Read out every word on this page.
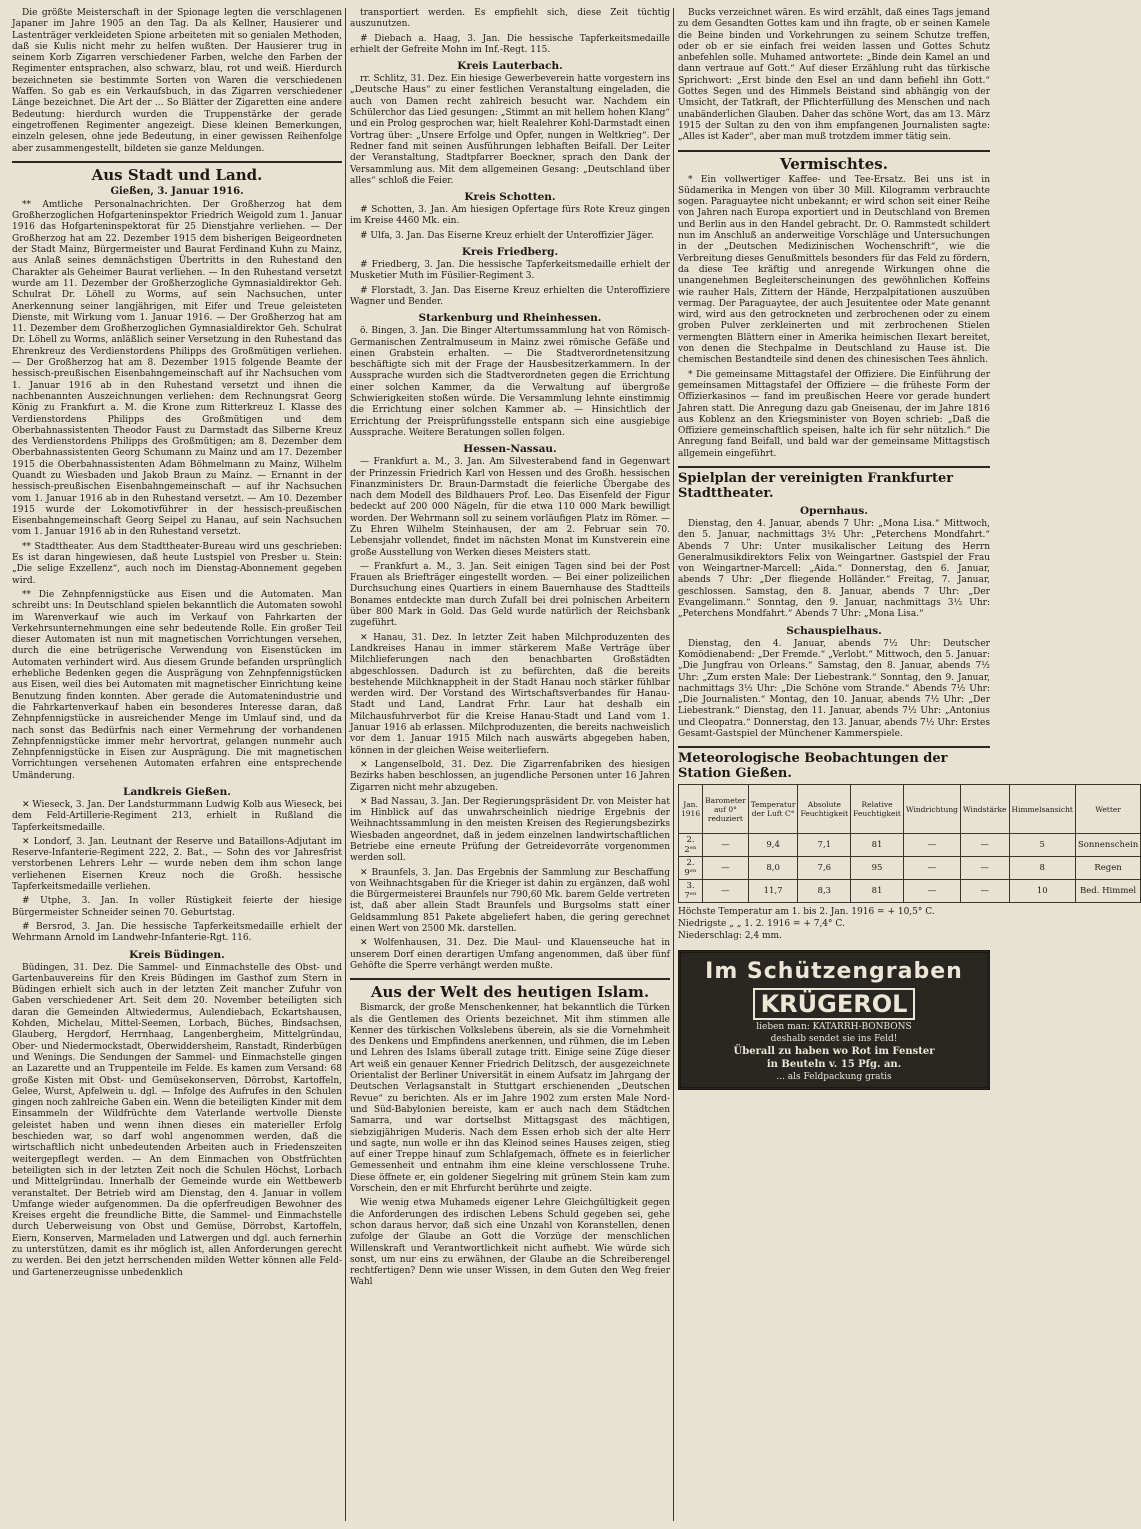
Die größte Meisterschaft in der Spionage legten die verschlagenen Japaner im Jahre 1905 an den Tag. Da als Kellner, Hausierer und Lastenträger verkleideten Spione arbeiteten mit so genialen Methoden, daß sie Kulis nicht mehr zu helfen wußten. Der Hausierer trug in seinem Korb Zigarren verschiedener Farben, welche den Farben der Regimenter entsprachen, also schwarz, blau, rot und weiß. Hierdurch bezeichneten sie bestimmte Sorten von Waren die verschiedenen Waffen. So gab es ein Verkaufsbuch, in das Zigarren verschiedener Länge bezeichnet. Die Art der ... So Blätter der Zigaretten eine andere Bedeutung: hierdurch wurden die Truppenstärke der gerade eingetroffenen Regimenter angezeigt. Diese kleinen Bemerkungen, einzeln gelesen, ohne jede Bedeutung, in einer gewissen Reihenfolge aber zusammengestellt, bildeten sie ganze Meldungen.

Aus Stadt und Land.
Gießen, 3. Januar 1916.

** Amtliche Personalnachrichten. Der Großherzog hat dem Großherzoglichen Hofgarteninspektor Friedrich Weigold zum 1. Januar 1916 das Hofgarteninspektorat für 25 Dienstjahre verliehen. — Der Großherzog hat am 22. Dezember 1915 dem bisherigen Beigeordneten der Stadt Mainz, Bürgermeister und Baurat Ferdinand Kuhn zu Mainz, aus Anlaß seines demnächstigen Übertritts in den Ruhestand den Charakter als Geheimer Baurat verliehen. — In den Ruhestand versetzt wurde am 11. Dezember der Großherzogliche Gymnasialdirektor Geh. Schulrat Dr. Löhell zu Worms, auf sein Nachsuchen, unter Anerkennung seiner langjährigen, mit Eifer und Treue geleisteten Dienste, mit Wirkung vom 1. Januar 1916. — Der Großherzog hat am 11. Dezember dem Großherzoglichen Gymnasialdirektor Geh. Schulrat Dr. Löhell zu Worms, anläßlich seiner Versetzung in den Ruhestand das Ehrenkreuz des Verdienstordens Philipps des Großmütigen verliehen. — Der Großherzog hat am 8. Dezember 1915 folgende Beamte der hessisch-preußischen Eisenbahngemeinschaft auf ihr Nachsuchen vom 1. Januar 1916 ab in den Ruhestand versetzt und ihnen die nachbenannten Auszeichnungen verliehen: dem Rechnungsrat Georg König zu Frankfurt a. M. die Krone zum Ritterkreuz I. Klasse des Verdienstordens Philipps des Großmütigen und dem Oberbahnassistenten Theodor Faust zu Darmstadt das Silberne Kreuz des Verdienstordens Philipps des Großmütigen; am 8. Dezember dem Oberbahnassistenten Georg Schumann zu Mainz und am 17. Dezember 1915 die Oberbahnassistenten Adam Böhmelmann zu Mainz, Wilhelm Quandt zu Wiesbaden und Jakob Braun zu Mainz. — Ernannt in der hessisch-preußischen Eisenbahngemeinschaft — auf ihr Nachsuchen vom 1. Januar 1916 ab in den Ruhestand versetzt. — Am 10. Dezember 1915 wurde der Lokomotivführer in der hessisch-preußischen Eisenbahngemeinschaft Georg Seipel zu Hanau, auf sein Nachsuchen vom 1. Januar 1916 ab in den Ruhestand versetzt.

** Stadttheater. Aus dem Stadttheater-Bureau wird uns geschrieben: Es ist daran hingewiesen, daß heute Lustspiel von Presber u. Stein: „Die selige Exzellenz“, auch noch im Dienstag-Abonnement gegeben wird.

** Die Zehnpfennigstücke aus Eisen und die Automaten. Man schreibt uns: In Deutschland spielen bekanntlich die Automaten sowohl im Warenverkauf wie auch im Verkauf von Fahrkarten der Verkehrsunternehmungen eine sehr bedeutende Rolle. Ein großer Teil dieser Automaten ist nun mit magnetischen Vorrichtungen versehen, durch die eine betrügerische Verwendung von Eisenstücken im Automaten verhindert wird. Aus diesem Grunde befanden ursprünglich erhebliche Bedenken gegen die Ausprägung von Zehnpfennigstücken aus Eisen, weil dies bei Automaten mit magnetischer Einrichtung keine Benutzung finden konnten. Aber gerade die Automatenindustrie und die Fahrkartenverkauf haben ein besonderes Interesse daran, daß Zehnpfennigstücke in ausreichender Menge im Umlauf sind, und da nach sonst das Bedürfnis nach einer Vermehrung der vorhandenen Zehnpfennigstücke immer mehr hervortrat, gelangen nunmehr auch Zehnpfennigstücke in Eisen zur Ausprägung. Die mit magnetischen Vorrichtungen versehenen Automaten erfahren eine entsprechende Umänderung.

Landkreis Gießen.

✕ Wieseck, 3. Jan. Der Landsturmmann Ludwig Kolb aus Wieseck, bei dem Feld-Artillerie-Regiment 213, erhielt in Rußland die Tapferkeitsmedaille.

✕ Londorf, 3. Jan. Leutnant der Reserve und Bataillons-Adjutant im Reserve-Infanterie-Regiment 222, 2. Bat., — Sohn des vor Jahresfrist verstorbenen Lehrers Lehr — wurde neben dem ihm schon lange verliehenen Eisernen Kreuz noch die Großh. hessische Tapferkeitsmedaille verliehen.

# Utphe, 3. Jan. In voller Rüstigkeit feierte der hiesige Bürgermeister Schneider seinen 70. Geburtstag.

# Bersrod, 3. Jan. Die hessische Tapferkeitsmedaille erhielt der Wehrmann Arnold im Landwehr-Infanterie-Rgt. 116.

Kreis Büdingen.

Büdingen, 31. Dez. Die Sammel- und Einmachstelle des Obst- und Gartenbauvereins für den Kreis Büdingen im Gasthof zum Stern in Büdingen erhielt sich auch in der letzten Zeit mancher Zufuhr von Gaben verschiedener Art. Seit dem 20. November beteiligten sich daran die Gemeinden Altwiedermus, Aulendiebach, Eckartshausen, Kohden, Michelau, Mittel-Seemen, Lorbach, Büches, Bindsachsen, Glauberg, Hergdorf, Herrnhaag, Langenbergheim, Mittelgründau, Ober- und Niedermockstadt, Oberwiddersheim, Ranstadt, Rinderbügen und Wenings. Die Sendungen der Sammel- und Einmachstelle gingen an Lazarette und an Truppenteile im Felde. Es kamen zum Versand: 68 große Kisten mit Obst- und Gemüsekonserven, Dörrobst, Kartoffeln, Gelee, Wurst, Apfelwein u. dgl. — Infolge des Aufrufes in den Schulen gingen noch zahlreiche Gaben ein. Wenn die beteiligten Kinder mit dem Einsammeln der Wildfrüchte dem Vaterlande wertvolle Dienste geleistet haben und wenn ihnen dieses ein materieller Erfolg beschieden war, so darf wohl angenommen werden, daß die wirtschaftlich nicht unbedeutenden Arbeiten auch in Friedenszeiten weitergepflegt werden. — An dem Einmachen von Obstfrüchten beteiligten sich in der letzten Zeit noch die Schulen Höchst, Lorbach und Mittelgründau. Innerhalb der Gemeinde wurde ein Wettbewerb veranstaltet. Der Betrieb wird am Dienstag, den 4. Januar in vollem Umfange wieder aufgenommen. Da die opferfreudigen Bewohner des Kreises ergeht die freundliche Bitte, die Sammel- und Einmachstelle durch Ueberweisung von Obst und Gemüse, Dörrobst, Kartoffeln, Eiern, Konserven, Marmeladen und Latwergen und dgl. auch fernerhin zu unterstützen, damit es ihr möglich ist, allen Anforderungen gerecht zu werden. Bei den jetzt herrschenden milden Wetter können alle Feld- und Gartenerzeugnisse unbedenklich

transportiert werden. Es empfiehlt sich, diese Zeit tüchtig auszunutzen.

# Diebach a. Haag, 3. Jan. Die hessische Tapferkeitsmedaille erhielt der Gefreite Mohn im Inf.-Regt. 115.

Kreis Lauterbach.

rr. Schlitz, 31. Dez. Ein hiesige Gewerbeverein hatte vorgestern ins „Deutsche Haus“ zu einer festlichen Veranstaltung eingeladen, die auch von Damen recht zahlreich besucht war. Nachdem ein Schülerchor das Lied gesungen: „Stimmt an mit hellem hohen Klang“ und ein Prolog gesprochen war, hielt Realehrer Kohl-Darmstadt einen Vortrag über: „Unsere Erfolge und Opfer, nungen in Weltkrieg“. Der Redner fand mit seinen Ausführungen lebhaften Beifall. Der Leiter der Veranstaltung, Stadtpfarrer Boeckner, sprach den Dank der Versammlung aus. Mit dem allgemeinen Gesang: „Deutschland über alles“ schloß die Feier.

Kreis Schotten.

# Schotten, 3. Jan. Am hiesigen Opfertage fürs Rote Kreuz gingen im Kreise 4460 Mk. ein.

# Ulfa, 3. Jan. Das Eiserne Kreuz erhielt der Unteroffizier Jäger.

Kreis Friedberg.

# Friedberg, 3. Jan. Die hessische Tapferkeitsmedaille erhielt der Musketier Muth im Füsilier-Regiment 3.

# Florstadt, 3. Jan. Das Eiserne Kreuz erhielten die Unteroffiziere Wagner und Bender.

Starkenburg und Rheinhessen.

ö. Bingen, 3. Jan. Die Binger Altertumssammlung hat von Römisch-Germanischen Zentralmuseum in Mainz zwei römische Gefäße und einen Grabstein erhalten. — Die Stadtverordnetensitzung beschäftigte sich mit der Frage der Hausbesitzerkammern. In der Aussprache wurden sich die Stadtverordneten gegen die Errichtung einer solchen Kammer, da die Verwaltung auf übergroße Schwierigkeiten stoßen würde. Die Versammlung lehnte einstimmig die Errichtung einer solchen Kammer ab. — Hinsichtlich der Errichtung der Preisprüfungsstelle entspann sich eine ausgiebige Aussprache. Weitere Beratungen sollen folgen.

Hessen-Nassau.

— Frankfurt a. M., 3. Jan. Am Silvesterabend fand in Gegenwart der Prinzessin Friedrich Karl von Hessen und des Großh. hessischen Finanzministers Dr. Braun-Darmstadt die feierliche Übergabe des nach dem Modell des Bildhauers Prof. Leo. Das Eisenfeld der Figur bedeckt auf 200 000 Nägeln, für die etwa 110 000 Mark bewilligt worden. Der Wehrmann soll zu seinem vorläufigen Platz im Römer. — Zu Ehren Wilhelm Steinhausen, der am 2. Februar sein 70. Lebensjahr vollendet, findet im nächsten Monat im Kunstverein eine große Ausstellung von Werken dieses Meisters statt.

— Frankfurt a. M., 3. Jan. Seit einigen Tagen sind bei der Post Frauen als Briefträger eingestellt worden. — Bei einer polizeilichen Durchsuchung eines Quartiers in einem Bauernhause des Stadtteils Bonames entdeckte man durch Zufall bei drei polnischen Arbeitern über 800 Mark in Gold. Das Geld wurde natürlich der Reichsbank zugeführt.

✕ Hanau, 31. Dez. In letzter Zeit haben Milchproduzenten des Landkreises Hanau in immer stärkerem Maße Verträge über Milchlieferungen nach den benachbarten Großstädten abgeschlossen. Dadurch ist zu befürchten, daß die bereits bestehende Milchknappheit in der Stadt Hanau noch stärker fühlbar werden wird. Der Vorstand des Wirtschaftsverbandes für Hanau-Stadt und Land, Landrat Frhr. Laur hat deshalb ein Milchausfuhrverbot für die Kreise Hanau-Stadt und Land vom 1. Januar 1916 ab erlassen. Milchproduzenten, die bereits nachweislich vor dem 1. Januar 1915 Milch nach auswärts abgegeben haben, können in der gleichen Weise weiterliefern.

✕ Langenselbold, 31. Dez. Die Zigarrenfabriken des hiesigen Bezirks haben beschlossen, an jugendliche Personen unter 16 Jahren Zigarren nicht mehr abzugeben.

✕ Bad Nassau, 3. Jan. Der Regierungspräsident Dr. von Meister hat im Hinblick auf das unwahrscheinlich niedrige Ergebnis der Weihnachtssammlung in den meisten Kreisen des Regierungsbezirks Wiesbaden angeordnet, daß in jedem einzelnen landwirtschaftlichen Betriebe eine erneute Prüfung der Getreidevorräte vorgenommen werden soll.

✕ Braunfels, 3. Jan. Das Ergebnis der Sammlung zur Beschaffung von Weihnachtsgaben für die Krieger ist dahin zu ergänzen, daß wohl die Bürgermeisterei Braunfels nur 790,60 Mk. barem Gelde vertreten ist, daß aber allein Stadt Braunfels und Burgsolms statt einer Geldsammlung 851 Pakete abgeliefert haben, die gering gerechnet einen Wert von 2500 Mk. darstellen.

✕ Wolfenhausen, 31. Dez. Die Maul- und Klauenseuche hat in unserem Dorf einen derartigen Umfang angenommen, daß über fünf Gehöfte die Sperre verhängt werden mußte.

Aus der Welt des heutigen Islam.

Bismarck, der große Menschenkenner, hat bekanntlich die Türken als die Gentlemen des Orients bezeichnet. Mit ihm stimmen alle Kenner des türkischen Volkslebens überein, als sie die Vornehmheit des Denkens und Empfindens anerkennen, und rühmen, die im Leben und Lehren des Islams überall zutage tritt. Einige seine Züge dieser Art weiß ein genauer Kenner Friedrich Delitzsch, der ausgezeichnete Orientalist der Berliner Universität in einem Aufsatz im Jahrgang der Deutschen Verlagsanstalt in Stuttgart erschienenden „Deutschen Revue“ zu berichten. Als er im Jahre 1902 zum ersten Male Nord- und Süd-Babylonien bereiste, kam er auch nach dem Städtchen Samarra, und war dortselbst Mittagsgast des mächtigen, siebzigjährigen Muderis. Nach dem Essen erhob sich der alte Herr und sagte, nun wolle er ihn das Kleinod seines Hauses zeigen, stieg auf einer Treppe hinauf zum Schlafgemach, öffnete es in feierlicher Gemessenheit und entnahm ihm eine kleine verschlossene Truhe. Diese öffnete er, ein goldener Siegelring mit grünem Stein kam zum Vorschein, den er mit Ehrfurcht berührte und zeigte.

Wie wenig etwa Muhameds eigener Lehre Gleichgültigkeit gegen die Anforderungen des irdischen Lebens Schuld gegeben sei, gehe schon daraus hervor, daß sich eine Unzahl von Koranstellen, denen zufolge der Glaube an Gott die Vorzüge der menschlichen Willenskraft und Verantwortlichkeit nicht aufhebt. Wie würde sich sonst, um nur eins zu erwähnen, der Glaube an die Schreiberengel rechtfertigen? Denn wie unser Wissen, in dem Guten den Weg freier Wahl

Bucks verzeichnet wären. Es wird erzählt, daß eines Tags jemand zu dem Gesandten Gottes kam und ihn fragte, ob er seinen Kamele die Beine binden und Vorkehrungen zu seinem Schutze treffen, oder ob er sie einfach frei weiden lassen und Gottes Schutz anbefehlen solle. Muhamed antwortete: „Binde dein Kamel an und dann vertraue auf Gott.“ Auf dieser Erzählung ruht das türkische Sprichwort: „Erst binde den Esel an und dann befiehl ihn Gott.“ Gottes Segen und des Himmels Beistand sind abhängig von der Umsicht, der Tatkraft, der Pflichterfüllung des Menschen und nach unabänderlichen Glauben. Daher das schöne Wort, das am 13. März 1915 der Sultan zu den von ihm empfangenen Journalisten sagte: „Alles ist Kader“, aber man muß trotzdem immer tätig sein.

Vermischtes.

* Ein vollwertiger Kaffee- und Tee-Ersatz. Bei uns ist in Südamerika in Mengen von über 30 Mill. Kilogramm verbrauchte sogen. Paraguaytee nicht unbekannt; er wird schon seit einer Reihe von Jahren nach Europa exportiert und in Deutschland von Bremen und Berlin aus in den Handel gebracht. Dr. O. Rammstedt schildert nun im Anschluß an anderweitige Vorschläge und Untersuchungen in der „Deutschen Medizinischen Wochenschrift“, wie die Verbreitung dieses Genußmittels besonders für das Feld zu fördern, da diese Tee kräftig und anregende Wirkungen ohne die unangenehmen Begleiterscheinungen des gewöhnlichen Koffeins wie rauher Hals, Zittern der Hände, Herzpalpitationen auszuüben vermag. Der Paraguaytee, der auch Jesuitentee oder Mate genannt wird, wird aus den getrockneten und zerbrochenen oder zu einem groben Pulver zerkleinerten und mit zerbrochenen Stielen vermengten Blättern einer in Amerika heimischen Ilexart bereitet, von denen die Stechpalme in Deutschland zu Hause ist. Die chemischen Bestandteile sind denen des chinesischen Tees ähnlich.

* Die gemeinsame Mittagstafel der Offiziere. Die Einführung der gemeinsamen Mittagstafel der Offiziere — die früheste Form der Offizierkasinos — fand im preußischen Heere vor gerade hundert Jahren statt. Die Anregung dazu gab Gneisenau, der im Jahre 1816 aus Koblenz an den Kriegsminister von Boyen schrieb: „Daß die Offiziere gemeinschaftlich speisen, halte ich für sehr nützlich.“ Die Anregung fand Beifall, und bald war der gemeinsame Mittagstisch allgemein eingeführt.

Spielplan der vereinigten Frankfurter Stadttheater.
Opernhaus.

Dienstag, den 4. Januar, abends 7 Uhr: „Mona Lisa.“ Mittwoch, den 5. Januar, nachmittags 3½ Uhr: „Peterchens Mondfahrt.“ Abends 7 Uhr: Unter musikalischer Leitung des Herrn Generalmusikdirektors Felix von Weingartner. Gastspiel der Frau von Weingartner-Marcell: „Aida.“ Donnerstag, den 6. Januar, abends 7 Uhr: „Der fliegende Holländer.“ Freitag, 7. Januar, geschlossen. Samstag, den 8. Januar, abends 7 Uhr: „Der Evangelimann.“ Sonntag, den 9. Januar, nachmittags 3½ Uhr: „Peterchens Mondfahrt.“ Abends 7 Uhr: „Mona Lisa.“

Schauspielhaus.

Dienstag, den 4. Januar, abends 7½ Uhr: Deutscher Komödienabend: „Der Fremde.“ „Verlobt.“ Mittwoch, den 5. Januar: „Die Jungfrau von Orleans.“ Samstag, den 8. Januar, abends 7½ Uhr: „Zum ersten Male: Der Liebestrank.“ Sonntag, den 9. Januar, nachmittags 3½ Uhr: „Die Schöne vom Strande.“ Abends 7½ Uhr: „Die Journalisten.“ Montag, den 10. Januar, abends 7½ Uhr: „Der Liebestrank.“ Dienstag, den 11. Januar, abends 7½ Uhr: „Antonius und Cleopatra.“ Donnerstag, den 13. Januar, abends 7½ Uhr: Erstes Gesamt-Gastspiel der Münchener Kammerspiele.

Meteorologische Beobachtungen der Station Gießen.
Jan. 1916	Barometer auf 0° reduziert	Temperatur der Luft C°	Absolute Feuchtigkeit	Relative Feuchtigkeit	Windrichtung	Windstärke	Himmelsansicht	Wetter
2. 2ᵉⁿ	—	9,4	7,1	81	—	—	5	Sonnenschein
2. 9ᵉⁿ	—	8,0	7,6	95	—	—	8	Regen
3. 7ᵉⁿ	—	11,7	8,3	81	—	—	10	Bed. Himmel
Höchste Temperatur am 1. bis 2. Jan. 1916 = + 10,5° C.
Niedrigste „ „ 1. 2. 1916 = + 7,4° C.
Niederschlag: 2,4 mm.
Im Schützengraben
KRÜGEROL
lieben man: KATARRH-BONBONS
deshalb sendet sie ins Feld!
Überall zu haben wo Rot im Fenster
in Beuteln v. 15 Pfg. an.
... als Feldpackung gratis
